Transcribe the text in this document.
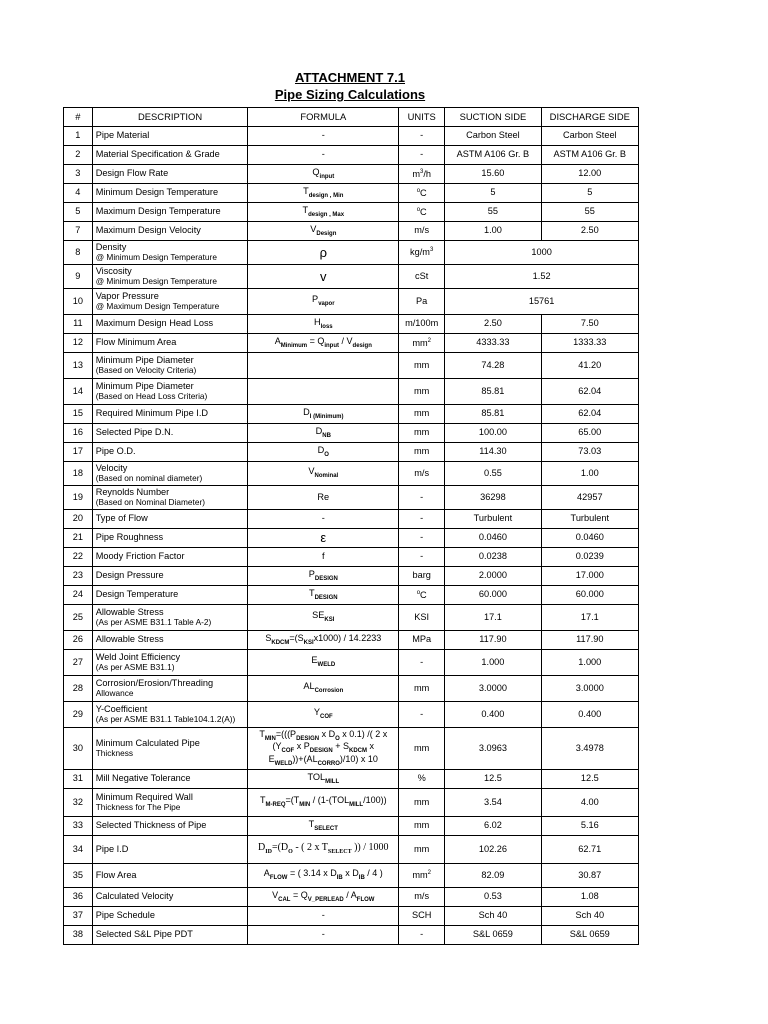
ATTACHMENT 7.1
Pipe Sizing Calculations
#	DESCRIPTION	FORMULA	UNITS	SUCTION SIDE	DISCHARGE SIDE
1	Pipe Material	-	-	Carbon Steel	Carbon Steel
2	Material Specification & Grade	-	-	ASTM A106 Gr. B	ASTM A106 Gr. B
3	Design Flow Rate	$Q_{input}$	$m^3/h$	15.60	12.00
4	Minimum Design Temperature	$T_{design , Min}$	$^o$C	5	5
5	Maximum Design Temperature	$T_{design , Max}$	$^o$C	55	55
7	Maximum Design Velocity	$V_{Design}$	m/s	1.00	2.50
8	Density
@ Minimum Design Temperature	ρ	$kg/m^3$	1000	
9	Viscosity
@ Minimum Design Temperature	v	cSt	1.52	
10	Vapor Pressure
@ Maximum Design Temperature	$P_{vapor}$	Pa	15761	
11	Maximum Design Head Loss	$H_{loss}$	m/100m	2.50	7.50
12	Flow Minimum Area	$A_{Minimum} = Q_{input} / V_{design}$	$mm^2$	4333.33	1333.33
13	Minimum Pipe Diameter
(Based on Velocity Criteria)		mm	74.28	41.20
14	Minimum Pipe Diameter
(Based on Head Loss Criteria)		mm	85.81	62.04
15	Required Minimum Pipe I.D	$D_{I (Minimum)}$	mm	85.81	62.04
16	Selected Pipe D.N.	$D_{NB}$	mm	100.00	65.00
17	Pipe O.D.	$D_O$	mm	114.30	73.03
18	Velocity
(Based on nominal diameter)	$V_{Nominal}$	m/s	0.55	1.00
19	Reynolds Number
(Based on Nominal Diameter)	Re	-	36298	42957
20	Type of Flow	-	-	Turbulent	Turbulent
21	Pipe Roughness	ε	-	0.0460	0.0460
22	Moody Friction Factor	f	-	0.0238	0.0239
23	Design Pressure	$P_{DESIGN}$	barg	2.0000	17.000
24	Design Temperature	$T_{DESIGN}$	$^o$C	60.000	60.000
25	Allowable Stress
(As per ASME B31.1 Table A-2)	$SE_{KSI}$	KSI	17.1	17.1
26	Allowable Stress	$S_{KDCM}=(S_{KSI}x1000) / 14.2233$	MPa	117.90	117.90
27	Weld Joint Efficiency
(As per ASME B31.1)	$E_{WELD}$	-	1.000	1.000
28	Corrosion/Erosion/Threading
Allowance	$AL_{Corrosion}$	mm	3.0000	3.0000
29	Y-Coefficient
(As per ASME B31.1 Table104.1.2(A))	$Y_{COF}$	-	0.400	0.400
30	Minimum Calculated Pipe
Thickness	$T_{MIN}=(((P_{DESIGN}$ x $D_O$ x 0.1) /( 2 x
($Y_{COF}$ x $P_{DESIGN} + S_{KDCM}$ x
$E_{WELD}))+(AL_{CORRO})/10$) x 10	mm	3.0963	3.4978
31	Mill Negative Tolerance	$TOL_{MILL}$	%	12.5	12.5
32	Minimum Required Wall
Thickness for The Pipe	$T_{M-REQ}=(T_{MIN} / (1-(TOL_{MILL}/100))$	mm	3.54	4.00
33	Selected Thickness of Pipe	$T_{SELECT}$	mm	6.02	5.16
34	Pipe I.D	$D_{ID}=(D_O$ - ( 2 x $T_{SELECT}$ )) / 1000	mm	102.26	62.71
35	Flow Area	$A_{FLOW}$ = ( 3.14 x $D_{IB}$ x $D_{IB} / 4$ )	$mm^2$	82.09	30.87
36	Calculated Velocity	$V_{CAL} = Q_{V\_PERLEAD} / A_{FLOW}$	m/s	0.53	1.08
37	Pipe Schedule	-	SCH	Sch 40	Sch 40
38	Selected S&L Pipe PDT	-	-	S&L 0659	S&L 0659
